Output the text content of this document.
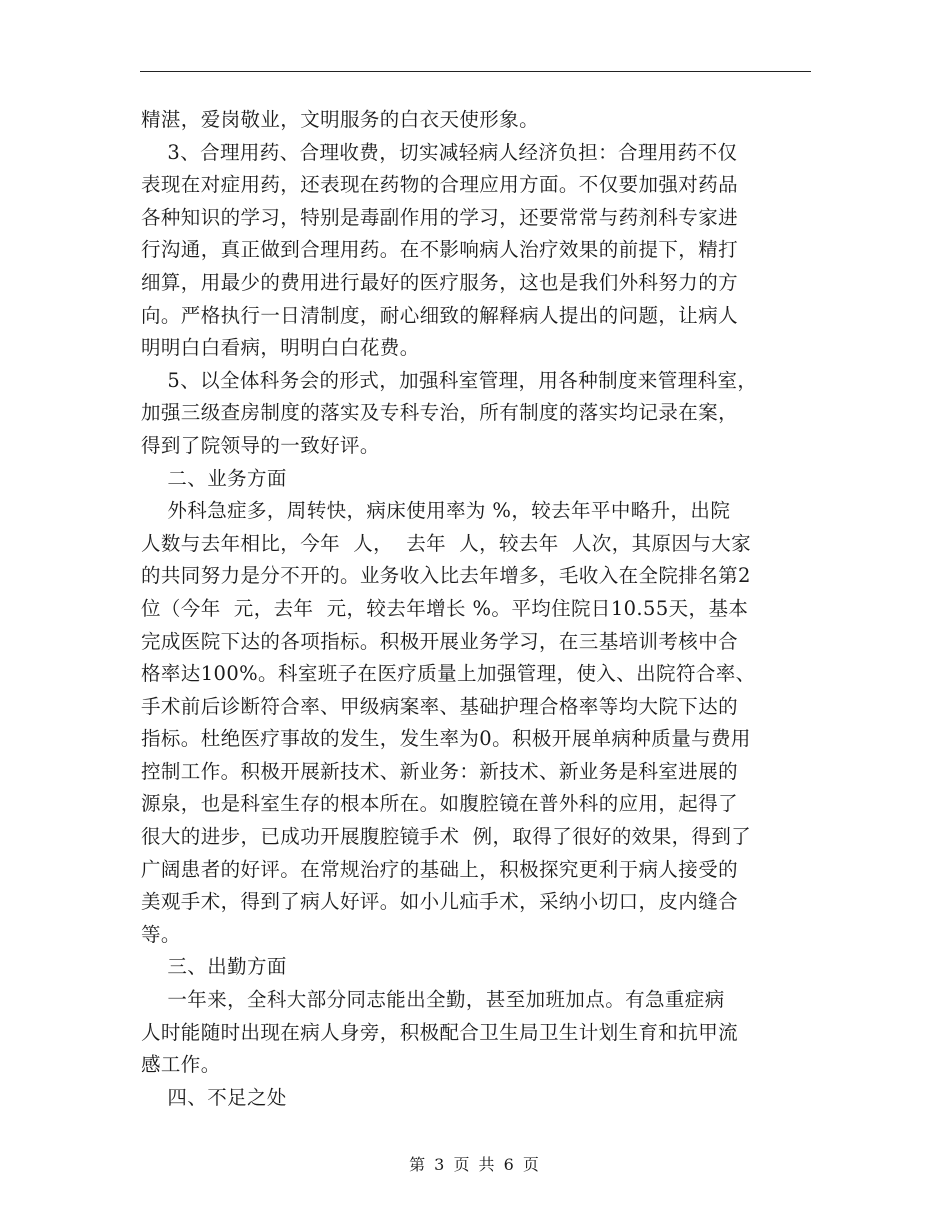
精湛，爱岗敬业，文明服务的白衣天使形象。
3、合理用药、合理收费，切实减轻病人经济负担：合理用药不仅
表现在对症用药，还表现在药物的合理应用方面。不仅要加强对药品
各种知识的学习，特别是毒副作用的学习，还要常常与药剂科专家进
行沟通，真正做到合理用药。在不影响病人治疗效果的前提下，精打
细算，用最少的费用进行最好的医疗服务，这也是我们外科努力的方
向。严格执行一日清制度，耐心细致的解释病人提出的问题，让病人
明明白白看病，明明白白花费。
5、以全体科务会的形式，加强科室管理，用各种制度来管理科室，
加强三级查房制度的落实及专科专治，所有制度的落实均记录在案，
得到了院领导的一致好评。
二、业务方面
外科急症多，周转快，病床使用率为 %，较去年平中略升，出院
人数与去年相比，今年  人，  去年  人，较去年  人次，其原因与大家
的共同努力是分不开的。业务收入比去年增多，毛收入在全院排名第2
位（今年  元，去年  元，较去年增长 %。平均住院日10.55天，基本
完成医院下达的各项指标。积极开展业务学习，在三基培训考核中合
格率达100%。科室班子在医疗质量上加强管理，使入、出院符合率、
手术前后诊断符合率、甲级病案率、基础护理合格率等均大院下达的
指标。杜绝医疗事故的发生，发生率为0。积极开展单病种质量与费用
控制工作。积极开展新技术、新业务：新技术、新业务是科室进展的
源泉，也是科室生存的根本所在。如腹腔镜在普外科的应用，起得了
很大的进步，已成功开展腹腔镜手术  例，取得了很好的效果，得到了
广阔患者的好评。在常规治疗的基础上，积极探究更利于病人接受的
美观手术，得到了病人好评。如小儿疝手术，采纳小切口，皮内缝合
等。
三、出勤方面
一年来，全科大部分同志能出全勤，甚至加班加点。有急重症病
人时能随时出现在病人身旁，积极配合卫生局卫生计划生育和抗甲流
感工作。
四、不足之处
第 3 页 共 6 页
